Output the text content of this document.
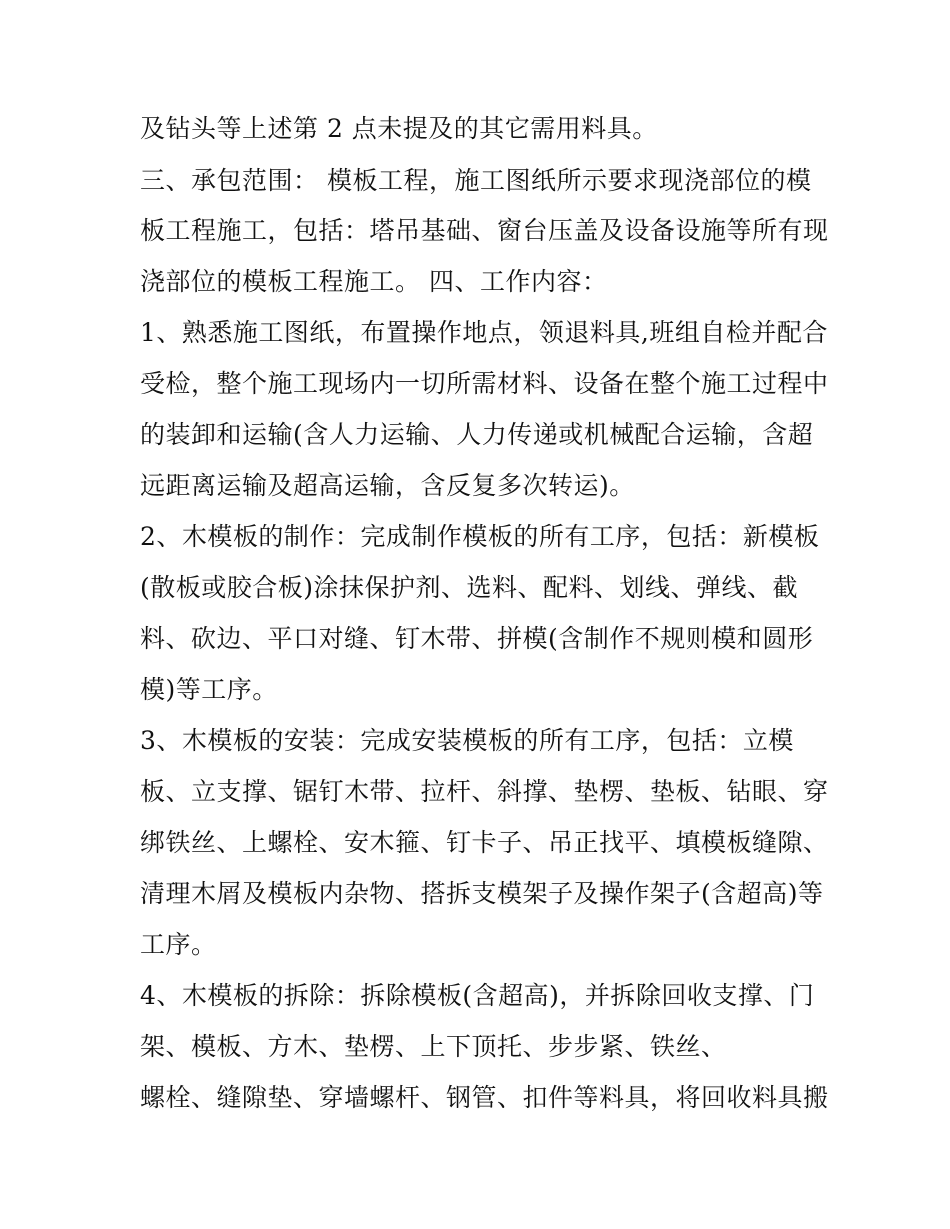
及钻头等上述第 2 点未提及的其它需用料具。
三、承包范围： 模板工程，施工图纸所示要求现浇部位的模
板工程施工，包括：塔吊基础、窗台压盖及设备设施等所有现
浇部位的模板工程施工。 四、工作内容：
1、熟悉施工图纸，布置操作地点，领退料具,班组自检并配合
受检，整个施工现场内一切所需材料、设备在整个施工过程中
的装卸和运输(含人力运输、人力传递或机械配合运输，含超
远距离运输及超高运输，含反复多次转运)。
2、木模板的制作：完成制作模板的所有工序，包括：新模板
(散板或胶合板)涂抹保护剂、选料、配料、划线、弹线、截
料、砍边、平口对缝、钉木带、拼模(含制作不规则模和圆形
模)等工序。
3、木模板的安装：完成安装模板的所有工序，包括：立模
板、立支撑、锯钉木带、拉杆、斜撑、垫楞、垫板、钻眼、穿
绑铁丝、上螺栓、安木箍、钉卡子、吊正找平、填模板缝隙、
清理木屑及模板内杂物、搭拆支模架子及操作架子(含超高)等
工序。
4、木模板的拆除：拆除模板(含超高)，并拆除回收支撑、门
架、模板、方木、垫楞、上下顶托、步步紧、铁丝、
螺栓、缝隙垫、穿墙螺杆、钢管、扣件等料具，将回收料具搬
